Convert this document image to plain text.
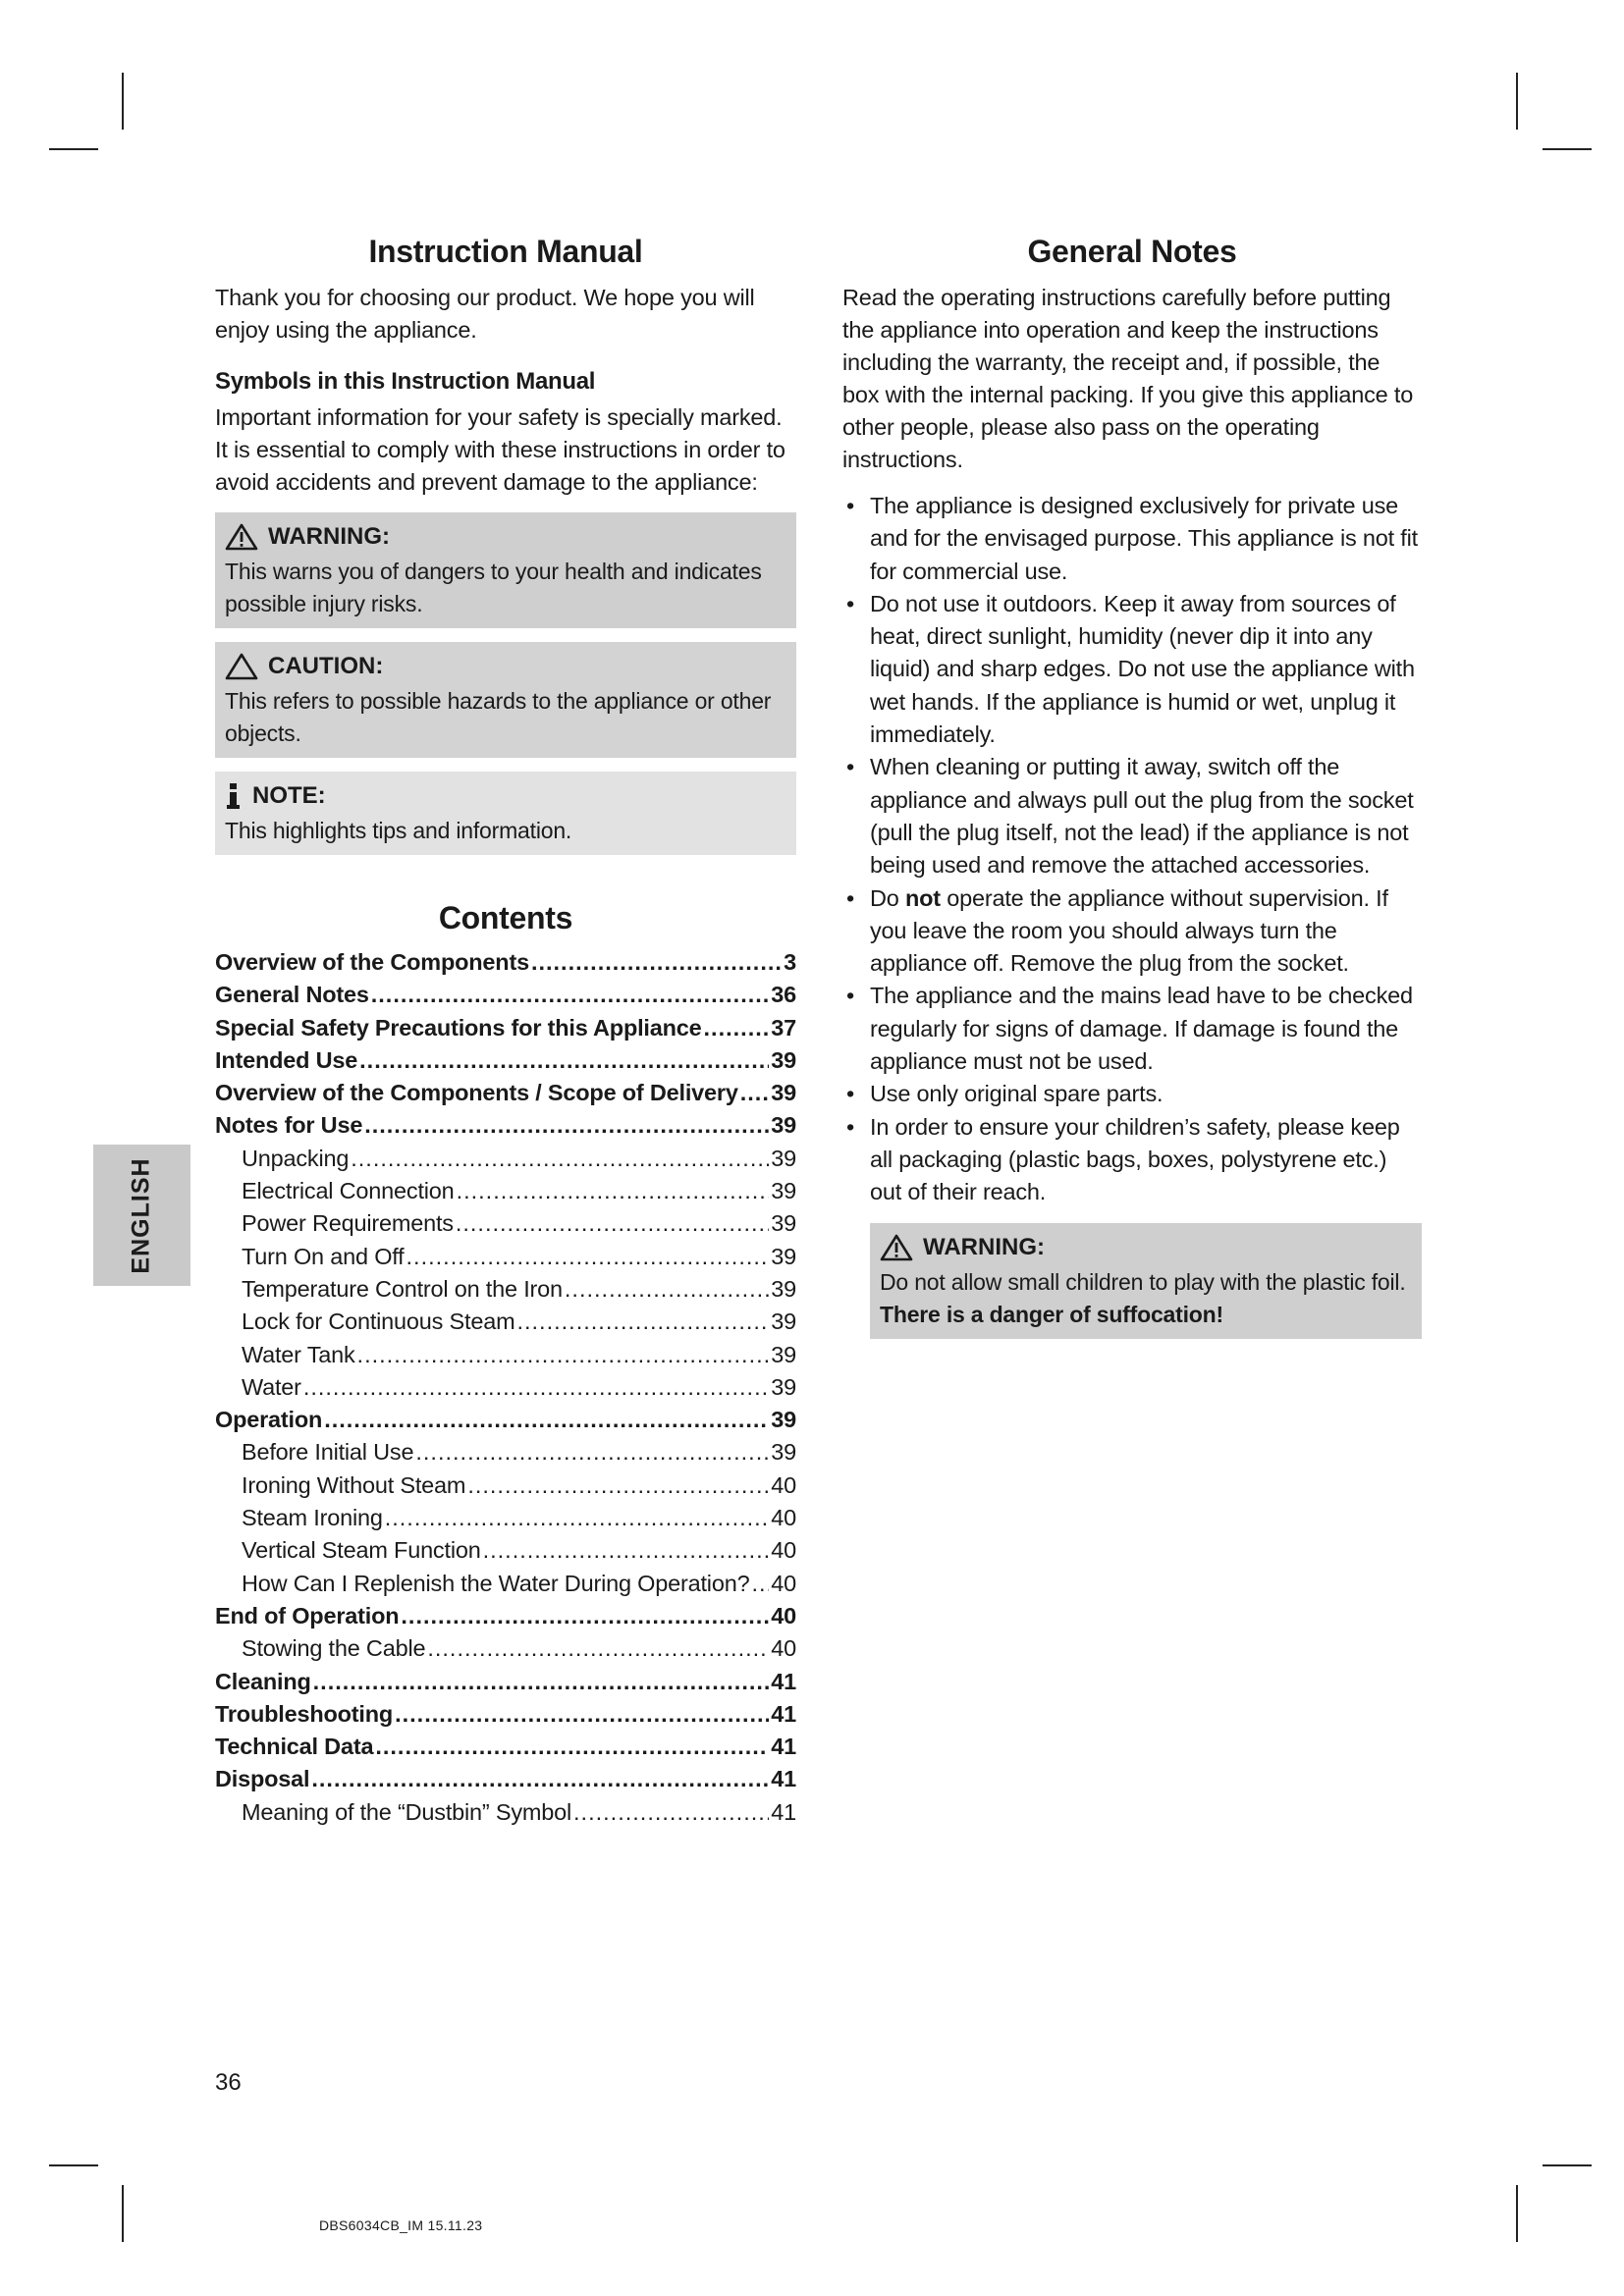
ENGLISH
Instruction Manual

Thank you for choosing our product. We hope you will enjoy using the appliance.

Symbols in this Instruction Manual

Important information for your safety is specially marked.

It is essential to comply with these instructions in order to avoid accidents and prevent damage to the appliance:

WARNING:
This warns you of dangers to your health and indicates possible injury risks.
CAUTION:
This refers to possible hazards to the appliance or other objects.
NOTE:
This highlights tips and information.
Contents
Overview of the Components .....	3
General Notes .....	36
Special Safety Precautions for this Appliance .....	37
Intended Use .....	39
Overview of the Components / Scope of Delivery ..... 39
Notes for Use .....	39
Unpacking .....	39
Electrical Connection .....	39
Power Requirements .....	39
Turn On and Off .....	39
Temperature Control on the Iron .....	39
Lock for Continuous Steam .....	39
Water Tank .....	39
Water .....	39
Operation .....	39
Before Initial Use .....	39
Ironing Without Steam .....	40
Steam Ironing .....	40
Vertical Steam Function .....	40
How Can I Replenish the Water During Operation? ..... 40
End of Operation .....	40
Stowing the Cable .....	40
Cleaning .....	41
Troubleshooting .....	41
Technical Data .....	41
Disposal .....	41
Meaning of the “Dustbin” Symbol .....	41
General Notes

Read the operating instructions carefully before putting the appliance into operation and keep the instructions including the warranty, the receipt and, if possible, the box with the internal packing. If you give this appliance to other people, please also pass on the operating instructions.

• The appliance is designed exclusively for private use and for the envisaged purpose. This appliance is not fit for commercial use.
• Do not use it outdoors. Keep it away from sources of heat, direct sunlight, humidity (never dip it into any liquid) and sharp edges. Do not use the appliance with wet hands. If the appliance is humid or wet, unplug it immediately.
• When cleaning or putting it away, switch off the appliance and always pull out the plug from the socket (pull the plug itself, not the lead) if the appliance is not being used and remove the attached accessories.
• Do not operate the appliance without supervision. If you leave the room you should always turn the appliance off. Remove the plug from the socket.
• The appliance and the mains lead have to be checked regularly for signs of damage. If damage is found the appliance must not be used.
• Use only original spare parts.
• In order to ensure your children’s safety, please keep all packaging (plastic bags, boxes, polystyrene etc.) out of their reach.
WARNING:
Do not allow small children to play with the plastic foil.
There is a danger of suffocation!
36
DBS6034CB_IM 15.11.23
